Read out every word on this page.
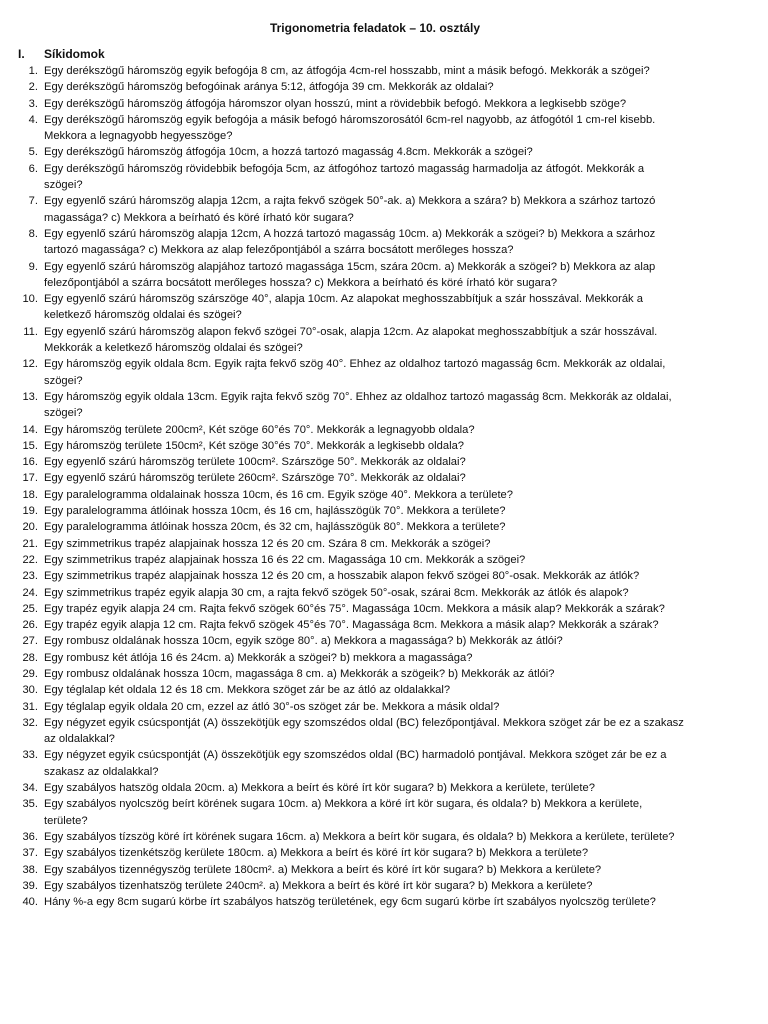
Trigonometria feladatok – 10. osztály
I.	Síkidomok
1. Egy derékszögű háromszög egyik befogója 8 cm, az átfogója 4cm-rel hosszabb, mint a másik befogó. Mekkorák a szögei?
2. Egy derékszögű háromszög befogóinak aránya 5:12, átfogója 39 cm. Mekkorák az oldalai?
3. Egy derékszögű háromszög átfogója háromszor olyan hosszú, mint a rövidebbik befogó. Mekkora a legkisebb szöge?
4. Egy derékszögű háromszög egyik befogója a másik befogó háromszorosától 6cm-rel nagyobb, az átfogótól 1 cm-rel kisebb.
Mekkora a legnagyobb hegyesszöge?
5. Egy derékszögű háromszög átfogója 10cm, a hozzá tartozó magasság 4.8cm. Mekkorák a szögei?
6. Egy derékszögű háromszög rövidebbik befogója 5cm, az átfogóhoz tartozó magasság harmadolja az átfogót. Mekkorák a
szögei?
7. Egy egyenlő szárú háromszög alapja 12cm, a rajta fekvő szögek 50°-ak. a) Mekkora a szára? b) Mekkora a szárhoz tartozó
magassága? c) Mekkora a beírható és köré írható kör sugara?
8. Egy egyenlő szárú háromszög alapja 12cm, A hozzá tartozó magasság 10cm. a) Mekkorák a szögei? b) Mekkora a szárhoz
tartozó magassága? c) Mekkora az alap felezőpontjából a szárra bocsátott merőleges hossza?
9. Egy egyenlő szárú háromszög alapjához tartozó magassága 15cm, szára 20cm. a) Mekkorák a szögei? b) Mekkora az alap
felezőpontjából a szárra bocsátott merőleges hossza? c) Mekkora a beírható és köré írható kör sugara?
10. Egy egyenlő szárú háromszög szárszöge 40°, alapja 10cm. Az alapokat meghosszabbítjuk a szár hosszával. Mekkorák a
keletkező háromszög oldalai és szögei?
11. Egy egyenlő szárú háromszög alapon fekvő szögei 70°-osak, alapja 12cm. Az alapokat meghosszabbítjuk a szár hosszával.
Mekkorák a keletkező háromszög oldalai és szögei?
12. Egy háromszög egyik oldala 8cm. Egyik rajta fekvő szög 40°. Ehhez az oldalhoz tartozó magasság 6cm. Mekkorák az oldalai,
szögei?
13. Egy háromszög egyik oldala 13cm. Egyik rajta fekvő szög 70°. Ehhez az oldalhoz tartozó magasság 8cm. Mekkorák az oldalai,
szögei?
14. Egy háromszög területe 200cm², Két szöge 60°és 70°. Mekkorák a legnagyobb oldala?
15. Egy háromszög területe 150cm², Két szöge 30°és 70°. Mekkorák a legkisebb oldala?
16. Egy egyenlő szárú háromszög területe 100cm². Szárszöge 50°. Mekkorák az oldalai?
17. Egy egyenlő szárú háromszög területe 260cm². Szárszöge 70°. Mekkorák az oldalai?
18. Egy paralelogramma oldalainak hossza 10cm, és 16 cm. Egyik szöge 40°. Mekkora a területe?
19. Egy paralelogramma átlóinak hossza 10cm, és 16 cm, hajlásszögük 70°. Mekkora a területe?
20. Egy paralelogramma átlóinak hossza 20cm, és 32 cm, hajlásszögük 80°. Mekkora a területe?
21. Egy szimmetrikus trapéz alapjainak hossza 12 és 20 cm. Szára 8 cm. Mekkorák a szögei?
22. Egy szimmetrikus trapéz alapjainak hossza 16 és 22 cm. Magassága 10 cm. Mekkorák a szögei?
23. Egy szimmetrikus trapéz alapjainak hossza 12 és 20 cm, a hosszabik alapon fekvő szögei 80°-osak. Mekkorák az átlók?
24. Egy szimmetrikus trapéz egyik alapja 30 cm, a rajta fekvő szögek 50°-osak, szárai 8cm. Mekkorák az átlók és alapok?
25. Egy trapéz egyik alapja 24 cm. Rajta fekvő szögek 60°és 75°. Magassága 10cm. Mekkora a másik alap? Mekkorák a szárak?
26. Egy trapéz egyik alapja 12 cm. Rajta fekvő szögek 45°és 70°. Magassága 8cm. Mekkora a másik alap? Mekkorák a szárak?
27. Egy rombusz oldalának hossza 10cm, egyik szöge 80°. a) Mekkora a magassága? b) Mekkorák az átlói?
28. Egy rombusz két átlója 16 és 24cm. a) Mekkorák a szögei? b) mekkora a magassága?
29. Egy rombusz oldalának hossza 10cm, magassága 8 cm. a) Mekkorák a szögeik? b) Mekkorák az átlói?
30. Egy téglalap két oldala 12 és 18 cm. Mekkora szöget zár be az átló az oldalakkal?
31. Egy téglalap egyik oldala 20 cm, ezzel az átló 30°-os szöget zár be. Mekkora a másik oldal?
32. Egy négyzet egyik csúcspontját (A) összekötjük egy szomszédos oldal (BC) felezőpontjával. Mekkora szöget zár be ez a szakasz
az oldalakkal?
33. Egy négyzet egyik csúcspontját (A) összekötjük egy szomszédos oldal (BC) harmadoló pontjával. Mekkora szöget zár be ez a
szakasz az oldalakkal?
34. Egy szabályos hatszög oldala 20cm. a) Mekkora a beírt és köré írt kör sugara? b) Mekkora a kerülete, területe?
35. Egy szabályos nyolcszög beírt körének sugara 10cm. a) Mekkora a köré írt kör sugara, és oldala? b) Mekkora a kerülete,
területe?
36. Egy szabályos tízszög köré írt körének sugara 16cm. a) Mekkora a beírt kör sugara, és oldala? b) Mekkora a kerülete, területe?
37. Egy szabályos tizenkétszög kerülete 180cm. a) Mekkora a beírt és köré írt kör sugara? b) Mekkora a területe?
38. Egy szabályos tizennégyszög területe 180cm². a) Mekkora a beírt és köré írt kör sugara? b) Mekkora a kerülete?
39. Egy szabályos tizenhatszög területe 240cm². a) Mekkora a beírt és köré írt kör sugara? b) Mekkora a kerülete?
40. Hány %-a egy 8cm sugarú körbe írt szabályos hatszög területének, egy 6cm sugarú körbe írt szabályos nyolcszög területe?
